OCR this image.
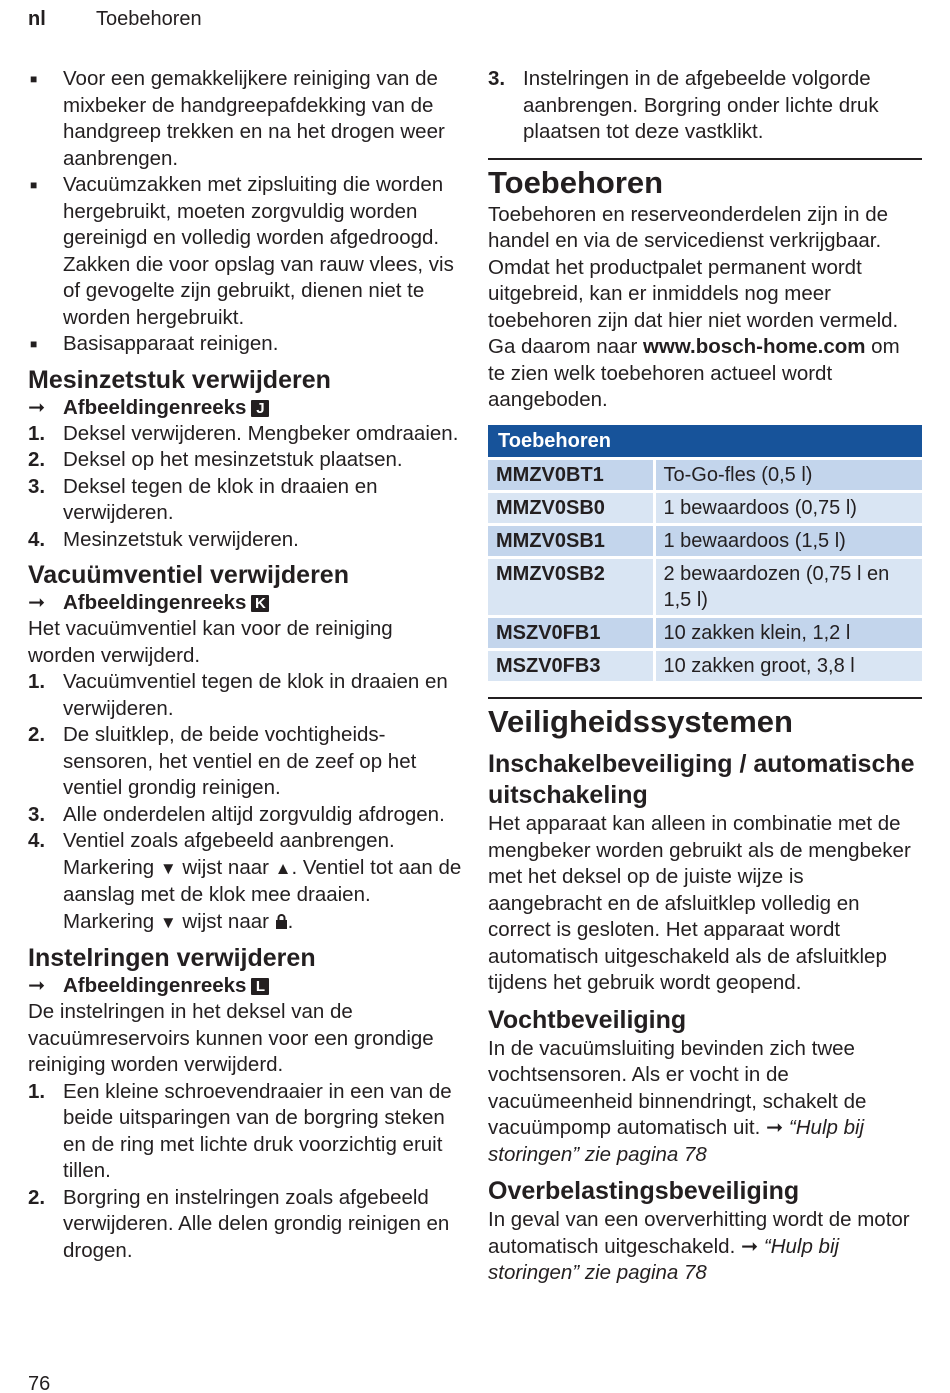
nl	Toebehoren
■	Voor een gemakkelijkere reiniging van de mixbeker de handgreepafdekking van de handgreep trekken en na het drogen weer aanbrengen.
■	Vacuümzakken met zipsluiting die worden hergebruikt, moeten zorgvuldig worden gereinigd en volledig worden afgedroogd. Zakken die voor opslag van rauw vlees, vis of gevogelte zijn gebruikt, dienen niet te worden hergebruikt.
■	Basisapparaat reinigen.
Mesinzetstuk verwijderen
➞ Afbeeldingenreeks J
1. Deksel verwijderen. Mengbeker omdraaien.
2. Deksel op het mesinzetstuk plaatsen.
3. Deksel tegen de klok in draaien en verwijderen.
4. Mesinzetstuk verwijderen.
Vacuümventiel verwijderen
➞ Afbeeldingenreeks K
Het vacuümventiel kan voor de reiniging worden verwijderd.
1. Vacuümventiel tegen de klok in draaien en verwijderen.
2. De sluitklep, de beide vochtigheids-sensoren, het ventiel en de zeef op het ventiel grondig reinigen.
3. Alle onderdelen altijd zorgvuldig afdrogen.
4. Ventiel zoals afgebeeld aanbrengen. Markering ▼ wijst naar ▲. Ventiel tot aan de aanslag met de klok mee draaien. Markering ▼ wijst naar .
Instelringen verwijderen
➞ Afbeeldingenreeks L
De instelringen in het deksel van de vacuümreservoirs kunnen voor een grondige reiniging worden verwijderd.
1. Een kleine schroevendraaier in een van de beide uitsparingen van de borgring steken en de ring met lichte druk voorzichtig eruit tillen.
2. Borgring en instelringen zoals afgebeeld verwijderen. Alle delen grondig reinigen en drogen.
3. Instelringen in de afgebeelde volgorde aanbrengen. Borgring onder lichte druk plaatsen tot deze vastklikt.
Toebehoren
Toebehoren en reserveonderdelen zijn in de handel en via de servicedienst verkrijgbaar. Omdat het productpalet permanent wordt uitgebreid, kan er inmiddels nog meer toebehoren zijn dat hier niet worden vermeld. Ga daarom naar www.bosch-home.com om te zien welk toebehoren actueel wordt aangeboden.
Toebehoren	
MMZV0BT1	To-Go-fles (0,5 l)
MMZV0SB0	1 bewaardoos (0,75 l)
MMZV0SB1	1 bewaardoos (1,5 l)
MMZV0SB2	2 bewaardozen (0,75 l en 1,5 l)
MSZV0FB1	10 zakken klein, 1,2 l
MSZV0FB3	10 zakken groot, 3,8 l
Veiligheidssystemen
Inschakelbeveiliging / automatische uitschakeling
Het apparaat kan alleen in combinatie met de mengbeker worden gebruikt als de mengbeker met het deksel op de juiste wijze is aangebracht en de afsluitklep volledig en correct is gesloten. Het apparaat wordt automatisch uitgeschakeld als de afsluitklep tijdens het gebruik wordt geopend.
Vochtbeveiliging
In de vacuümsluiting bevinden zich twee vochtsensoren. Als er vocht in de vacuümeenheid binnendringt, schakelt de vacuümpomp automatisch uit. ➞ “Hulp bij storingen” zie pagina 78
Overbelastingsbeveiliging
In geval van een oververhitting wordt de motor automatisch uitgeschakeld. ➞ “Hulp bij storingen” zie pagina 78
76
